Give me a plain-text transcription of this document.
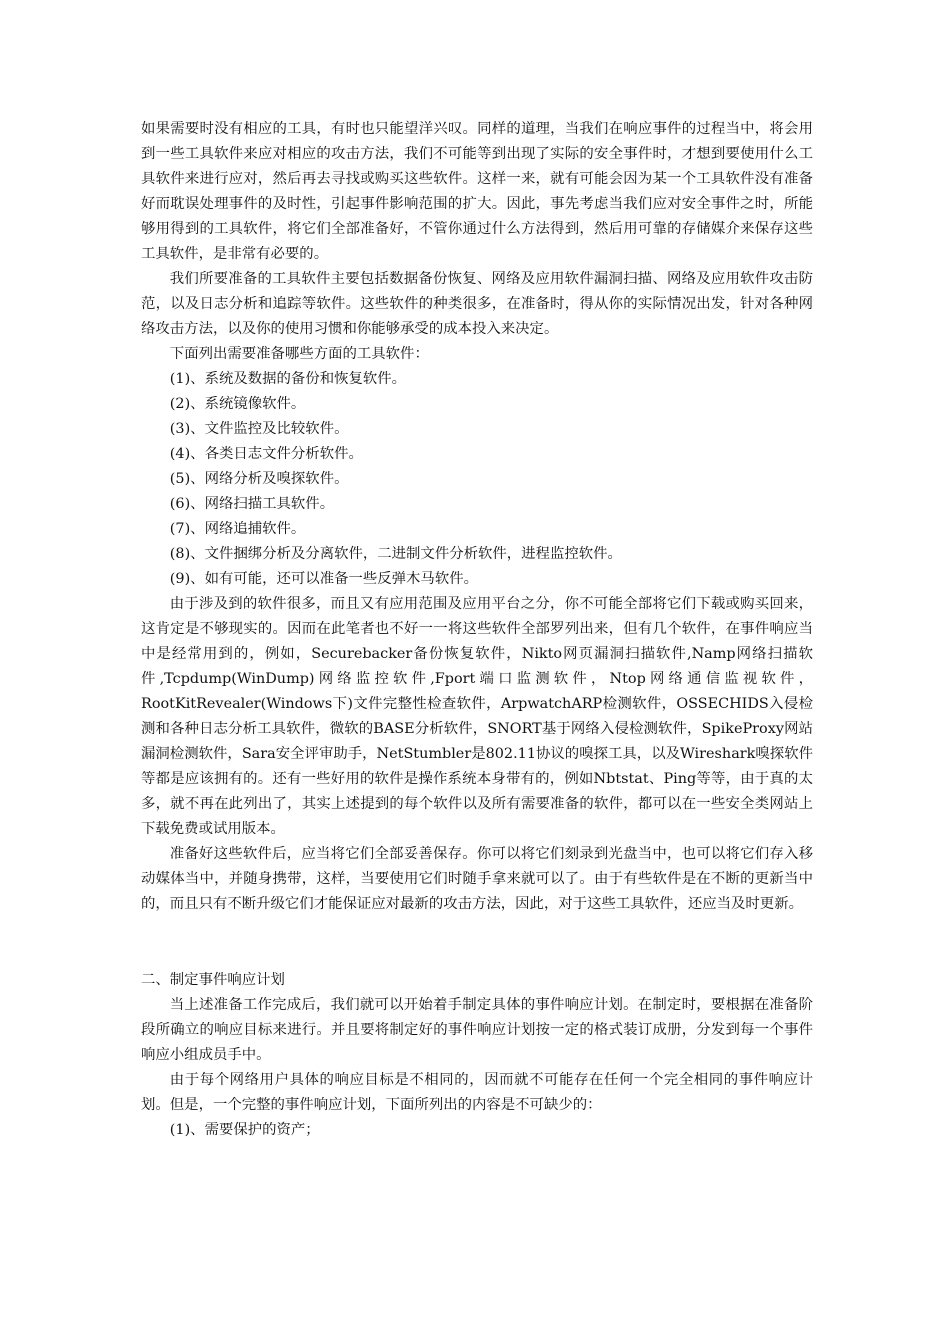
如果需要时没有相应的工具，有时也只能望洋兴叹。同样的道理，当我们在响应事件的过程当中，将会用到一些工具软件来应对相应的攻击方法，我们不可能等到出现了实际的安全事件时，才想到要使用什么工具软件来进行应对，然后再去寻找或购买这些软件。这样一来，就有可能会因为某一个工具软件没有准备好而耽误处理事件的及时性，引起事件影响范围的扩大。因此，事先考虑当我们应对安全事件之时，所能够用得到的工具软件，将它们全部准备好，不管你通过什么方法得到，然后用可靠的存储媒介来保存这些工具软件，是非常有必要的。

我们所要准备的工具软件主要包括数据备份恢复、网络及应用软件漏洞扫描、网络及应用软件攻击防范，以及日志分析和追踪等软件。这些软件的种类很多，在准备时，得从你的实际情况出发，针对各种网络攻击方法，以及你的使用习惯和你能够承受的成本投入来决定。

下面列出需要准备哪些方面的工具软件：

(1)、系统及数据的备份和恢复软件。

(2)、系统镜像软件。

(3)、文件监控及比较软件。

(4)、各类日志文件分析软件。

(5)、网络分析及嗅探软件。

(6)、网络扫描工具软件。

(7)、网络追捕软件。

(8)、文件捆绑分析及分离软件，二进制文件分析软件，进程监控软件。

(9)、如有可能，还可以准备一些反弹木马软件。

由于涉及到的软件很多，而且又有应用范围及应用平台之分，你不可能全部将它们下载或购买回来，这肯定是不够现实的。因而在此笔者也不好一一将这些软件全部罗列出来，但有几个软件，在事件响应当中是经常用到的，例如，Securebacker备份恢复软件，Nikto网页漏洞扫描软件,Namp网络扫描软件,Tcpdump(WinDump)网络监控软件,Fport端口监测软件，Ntop网络通信监视软件，RootKitRevealer(Windows下)文件完整性检查软件，ArpwatchARP检测软件，OSSECHIDS入侵检测和各种日志分析工具软件，微软的BASE分析软件，SNORT基于网络入侵检测软件，SpikeProxy网站漏洞检测软件，Sara安全评审助手，NetStumbler是802.11协议的嗅探工具，以及Wireshark嗅探软件等都是应该拥有的。还有一些好用的软件是操作系统本身带有的，例如Nbtstat、Ping等等，由于真的太多，就不再在此列出了，其实上述提到的每个软件以及所有需要准备的软件，都可以在一些安全类网站上下载免费或试用版本。

准备好这些软件后，应当将它们全部妥善保存。你可以将它们刻录到光盘当中，也可以将它们存入移动媒体当中，并随身携带，这样，当要使用它们时随手拿来就可以了。由于有些软件是在不断的更新当中的，而且只有不断升级它们才能保证应对最新的攻击方法，因此，对于这些工具软件，还应当及时更新。

二、制定事件响应计划

当上述准备工作完成后，我们就可以开始着手制定具体的事件响应计划。在制定时，要根据在准备阶段所确立的响应目标来进行。并且要将制定好的事件响应计划按一定的格式装订成册，分发到每一个事件响应小组成员手中。

由于每个网络用户具体的响应目标是不相同的，因而就不可能存在任何一个完全相同的事件响应计划。但是，一个完整的事件响应计划，下面所列出的内容是不可缺少的：

(1)、需要保护的资产；
